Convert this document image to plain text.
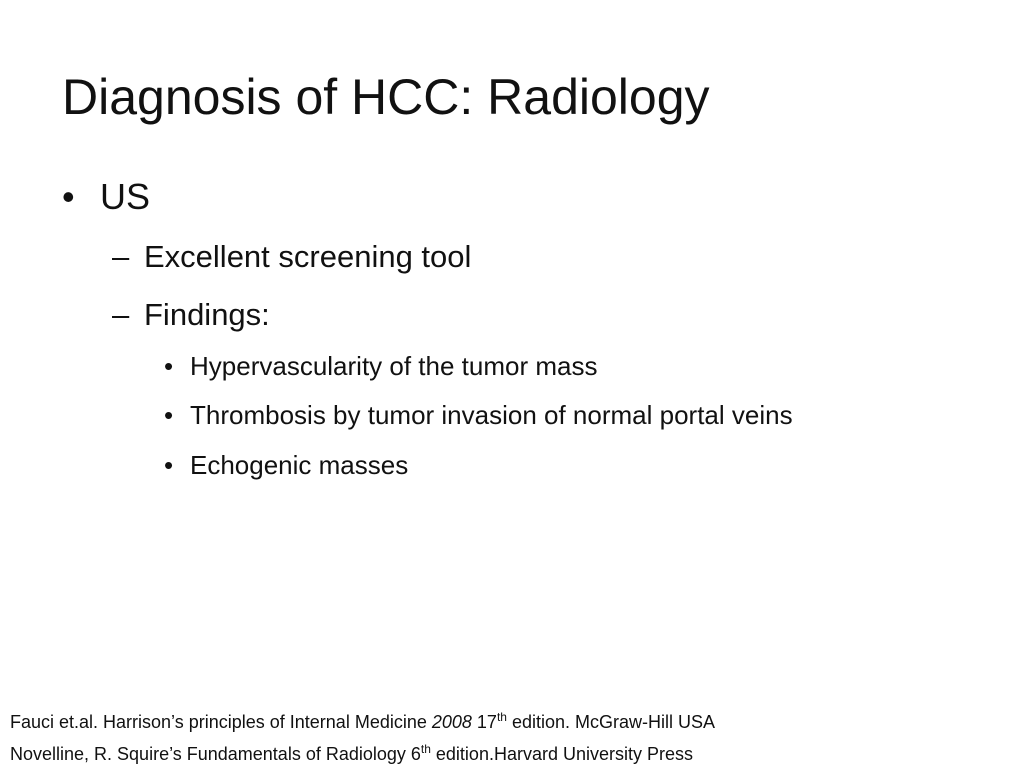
Diagnosis of HCC: Radiology
• US
– Excellent screening tool
– Findings:
• Hypervascularity of the tumor mass
• Thrombosis by tumor invasion of normal portal veins
• Echogenic masses
Fauci et.al. Harrison’s principles of Internal Medicine 2008 17th edition. McGraw-Hill USA
Novelline, R. Squire’s Fundamentals of Radiology 6th edition.Harvard University Press
